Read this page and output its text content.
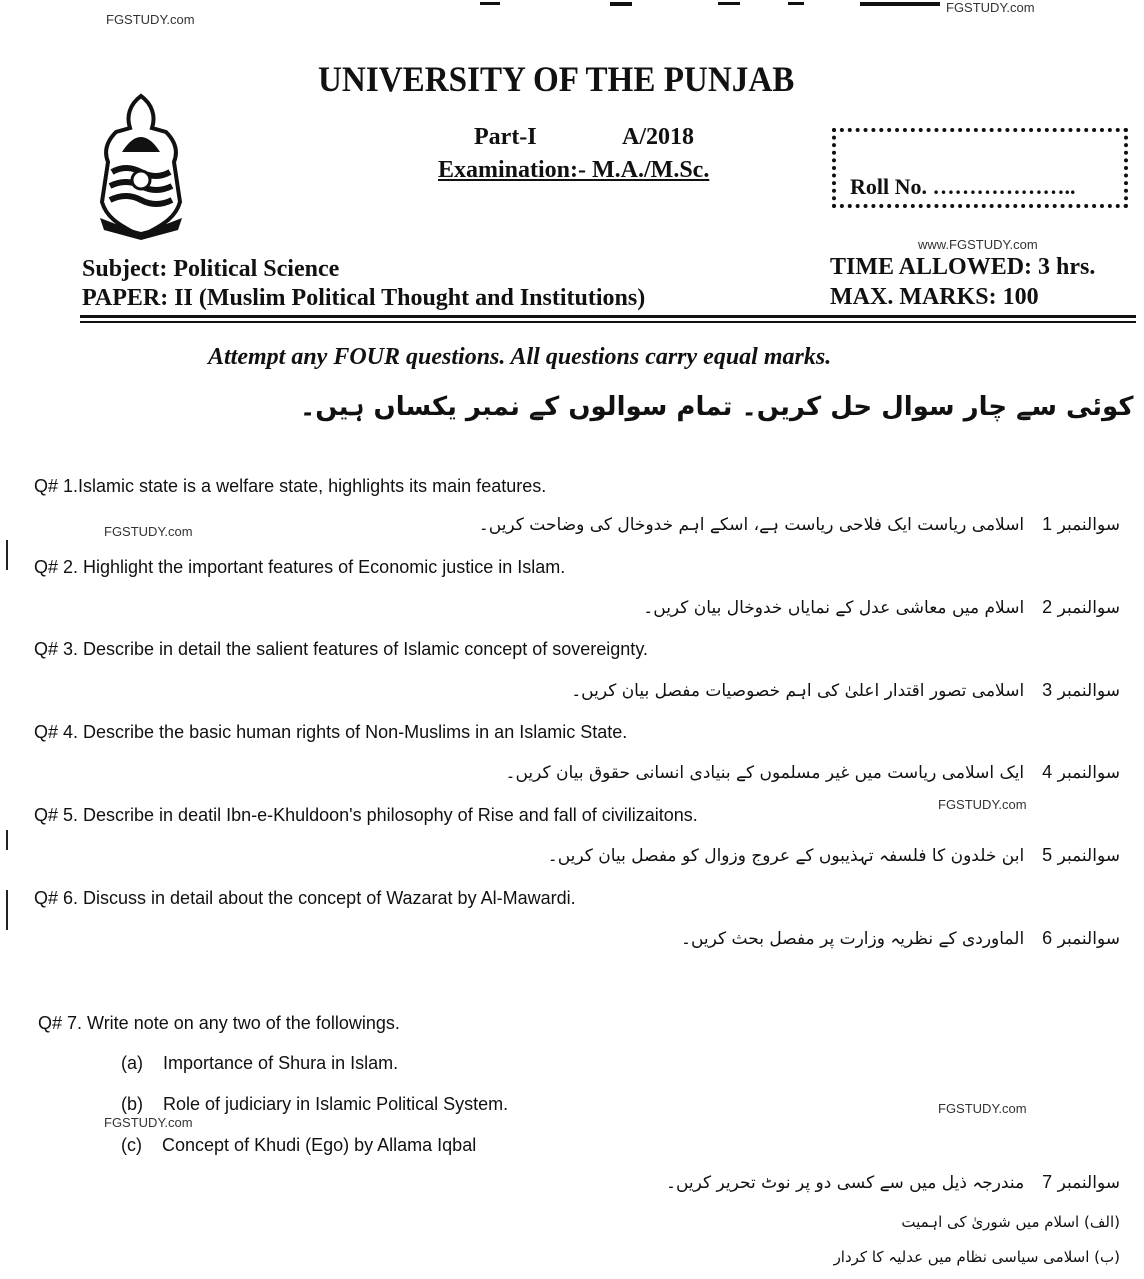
FGSTUDY.com
FGSTUDY.com
www.FGSTUDY.com
FGSTUDY.com
FGSTUDY.com
FGSTUDY.com
FGSTUDY.com
UNIVERSITY OF THE PUNJAB
Part-I	A/2018
Examination:- M.A./M.Sc.
Roll No. ………………..
Subject: Political Science
PAPER: II (Muslim Political Thought and Institutions)
TIME ALLOWED: 3 hrs.
MAX. MARKS: 100
Attempt any FOUR questions. All questions carry equal marks.
کوئی سے چار سوال حل کریں۔ تمام سوالوں کے نمبر یکساں ہیں۔
Q# 1.Islamic state is a welfare state, highlights its main features.
سوالنمبر 1اسلامی ریاست ایک فلاحی ریاست ہے، اسکے اہم خدوخال کی وضاحت کریں۔
Q# 2. Highlight the important features of Economic justice in Islam.
سوالنمبر 2اسلام میں معاشی عدل کے نمایاں خدوخال بیان کریں۔
Q# 3. Describe in detail the salient features of Islamic concept of sovereignty.
سوالنمبر 3اسلامی تصور اقتدار اعلیٰ کی اہم خصوصیات مفصل بیان کریں۔
Q# 4. Describe the basic human rights of Non-Muslims in an Islamic State.
سوالنمبر 4ایک اسلامی ریاست میں غیر مسلموں کے بنیادی انسانی حقوق بیان کریں۔
Q# 5. Describe in deatil Ibn-e-Khuldoon's philosophy of Rise and fall of civilizaitons.
سوالنمبر 5ابن خلدون کا فلسفہ تہذیبوں کے عروج وزوال کو مفصل بیان کریں۔
Q# 6. Discuss in detail about the concept of Wazarat by Al-Mawardi.
سوالنمبر 6الماوردی کے نظریہ وزارت پر مفصل بحث کریں۔
Q# 7. Write note on any two of the followings.
(a) Importance of Shura in Islam.
(b) Role of judiciary in Islamic Political System.
(c) Concept of Khudi (Ego) by Allama Iqbal
سوالنمبر 7مندرجہ ذیل میں سے کسی دو پر نوٹ تحریر کریں۔
(الف) اسلام میں شوریٰ کی اہمیت
(ب) اسلامی سیاسی نظام میں عدلیہ کا کردار
